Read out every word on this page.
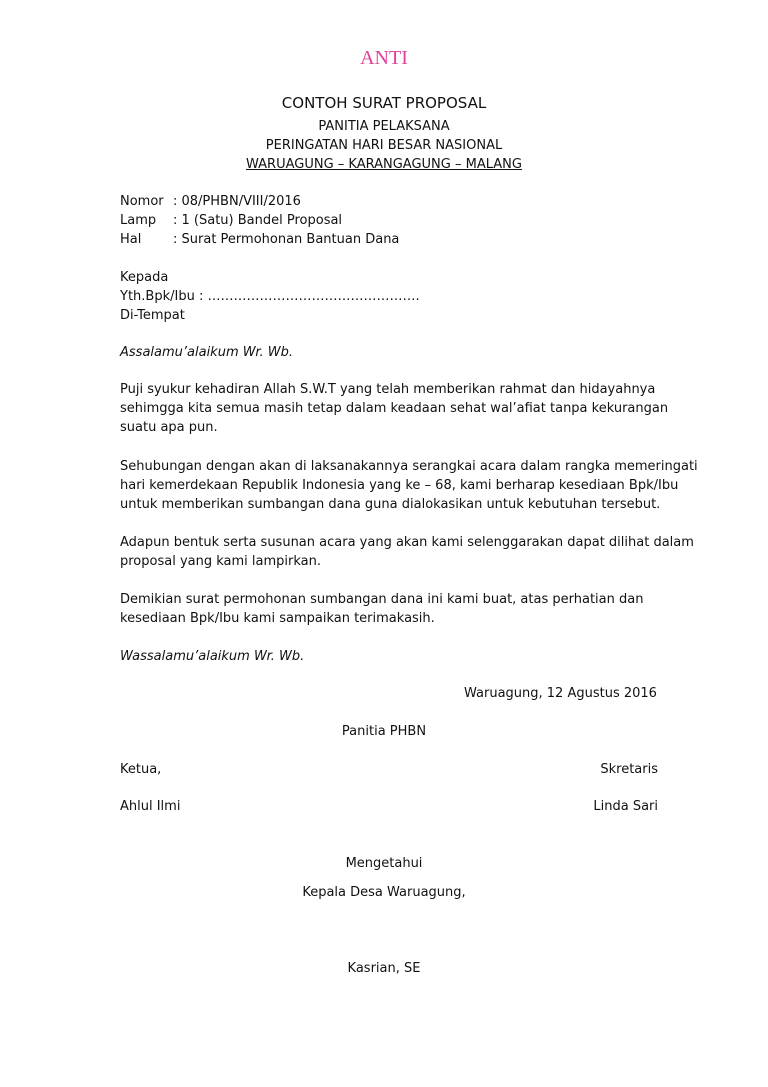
ANTI
CONTOH SURAT PROPOSAL
PANITIA PELAKSANA
PERINGATAN HARI BESAR NASIONAL
WARUAGUNG – KARANGAGUNG – MALANG
Nomor : 08/PHBN/VIII/2016
Lamp : 1 (Satu) Bandel Proposal
Hal : Surat Permohonan Bantuan Dana
Kepada
Yth.Bpk/Ibu : ………………………………………….
Di-Tempat
Assalamu’alaikum Wr. Wb.
Puji syukur kehadiran Allah S.W.T yang telah memberikan rahmat dan hidayahnya
sehimgga kita semua masih tetap dalam keadaan sehat wal’afiat tanpa kekurangan
suatu apa pun.
Sehubungan dengan akan di laksanakannya serangkai acara dalam rangka memeringati
hari kemerdekaan Republik Indonesia yang ke – 68, kami berharap kesediaan Bpk/Ibu
untuk memberikan sumbangan dana guna dialokasikan untuk kebutuhan tersebut.
Adapun bentuk serta susunan acara yang akan kami selenggarakan dapat dilihat dalam
proposal yang kami lampirkan.
Demikian surat permohonan sumbangan dana ini kami buat, atas perhatian dan
kesediaan Bpk/Ibu kami sampaikan terimakasih.
Wassalamu’alaikum Wr. Wb.
Waruagung, 12 Agustus 2016
Panitia PHBN
Ketua,	Skretaris
Ahlul Ilmi	Linda Sari
Mengetahui
Kepala Desa Waruagung,
Kasrian, SE
